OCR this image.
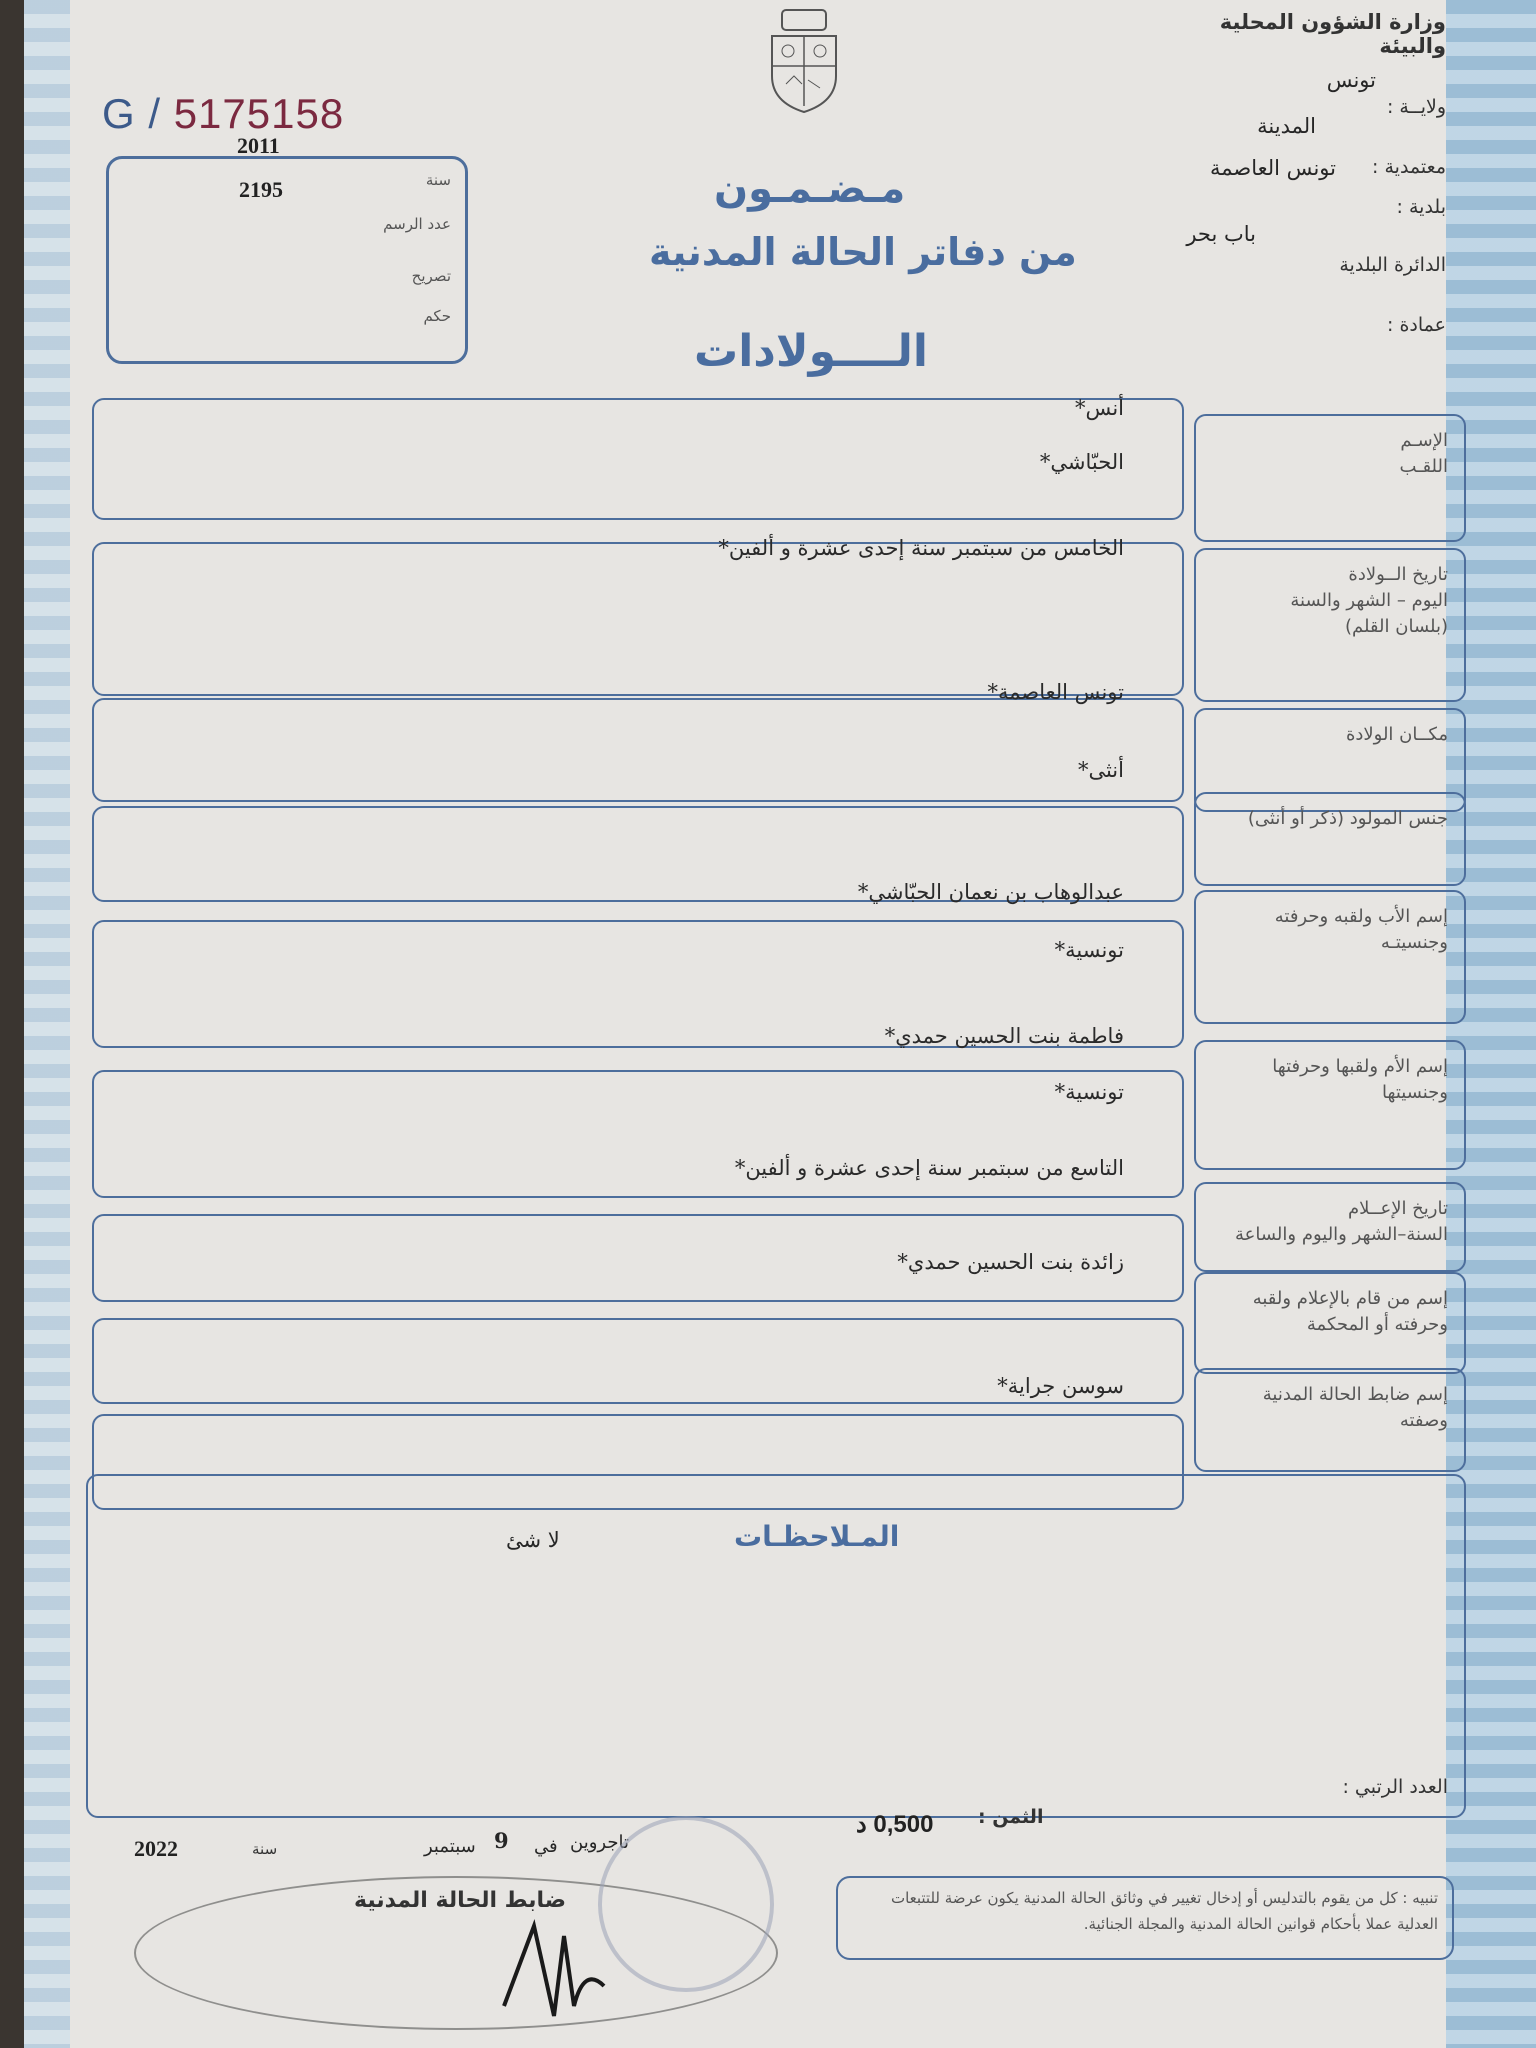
G / 5175158
2011
2195	سنة
عدد الرسم
تصريح
حكم
وزارة الشؤون المحلية والبيئة
تونس
ولايــة :
المدينة
معتمدية :
تونس العاصمة
بلدية :
باب بحر
الدائرة البلدية
عمادة :
مـضـمـون
من دفاتر الحالة المدنية
الــــولادات
الإسـم
اللقـب
أنس*
الحبّاشي*
تاريخ الــولادة
اليوم – الشهر والسنة
(بلسان القلم)
الخامس من سبتمبر سنة إحدى عشرة و ألفين*
مكــان الولادة
تونس العاصمة*
جنس المولود (ذكر أو أنثى)
أنثى*
إسم الأب ولقبه وحرفته
وجنسيتـه
عبدالوهاب بن نعمان الحبّاشي*
تونسية*
إسم الأم ولقبها وحرفتها
وجنسيتها
فاطمة بنت الحسين حمدي*
تونسية*
تاريخ الإعــلام
السنة–الشهر واليوم والساعة
التاسع من سبتمبر سنة إحدى عشرة و ألفين*
إسم من قام بالإعلام ولقبه
وحرفته أو المحكمة
زائدة بنت الحسين حمدي*
إسم ضابط الحالة المدنية
وصفته
سوسن جراية*
المـلاحظـات
لا شئ
العدد الرتبي :
الثمن :
0,500 د
تاجروين
في
9
سبتمبر
سنة
2022
ضابط الحالة المدنية	تنبيه : كل من يقوم بالتدليس أو إدخال تغيير في وثائق الحالة المدنية يكون عرضة للتتبعات العدلية عملا بأحكام قوانين الحالة المدنية والمجلة الجنائية.
